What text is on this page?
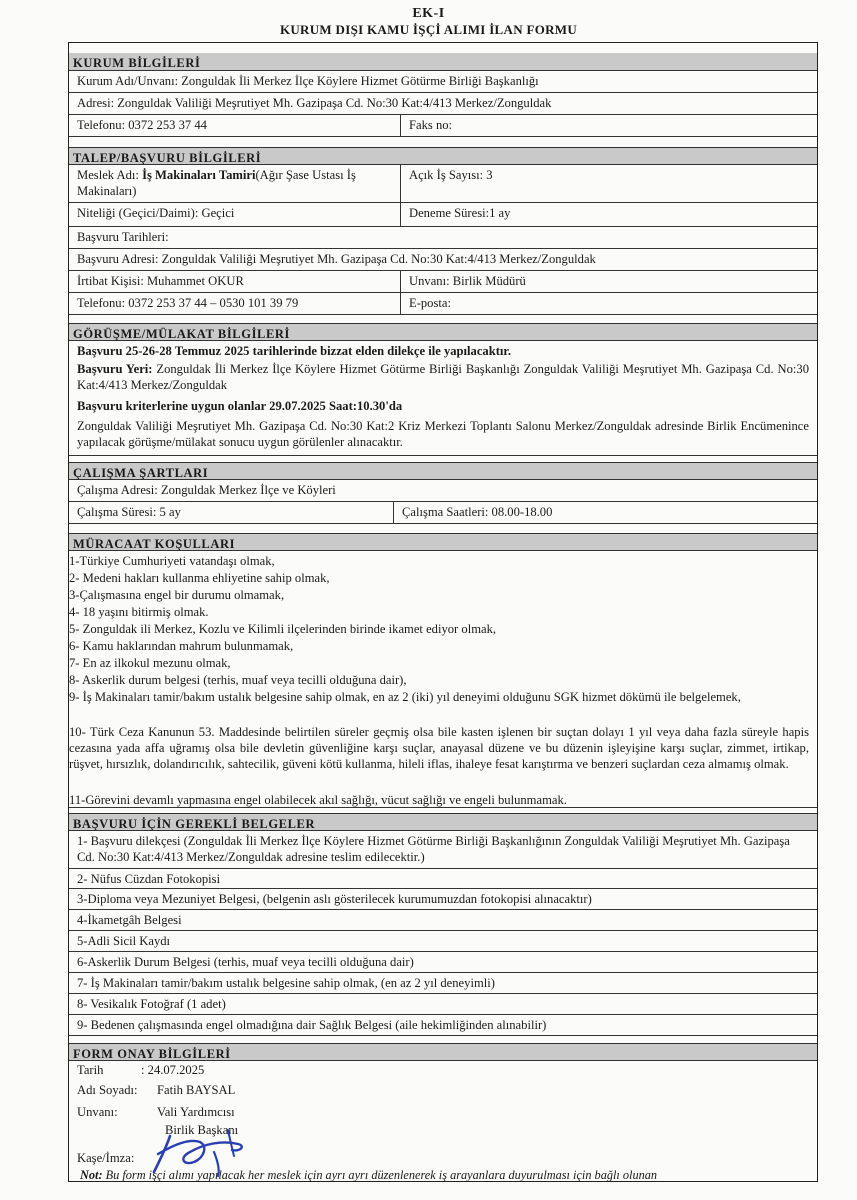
EK-I
KURUM DIŞI KAMU İŞÇİ ALIMI İLAN FORMU
KURUM BİLGİLERİ
Kurum Adı/Unvanı: Zonguldak İli Merkez İlçe Köylere Hizmet Götürme Birliği Başkanlığı
Adresi: Zonguldak Valiliği Meşrutiyet Mh. Gazipaşa Cd. No:30 Kat:4/413 Merkez/Zonguldak
Telefonu: 0372 253 37 44	Faks no:
TALEP/BAŞVURU BİLGİLERİ
Meslek Adı: İş Makinaları Tamiri(Ağır Şase Ustası İş Makinaları)
Açık İş Sayısı: 3
Niteliği (Geçici/Daimi): Geçici	Deneme Süresi:1 ay
Başvuru Tarihleri:
Başvuru Adresi: Zonguldak Valiliği Meşrutiyet Mh. Gazipaşa Cd. No:30 Kat:4/413 Merkez/Zonguldak
İrtibat Kişisi: Muhammet OKUR	Unvanı: Birlik Müdürü
Telefonu: 0372 253 37 44 – 0530 101 39 79	E-posta:
GÖRÜŞME/MÜLAKAT BİLGİLERİ
Başvuru 25-26-28 Temmuz 2025 tarihlerinde bizzat elden dilekçe ile yapılacaktır.
Başvuru Yeri: Zonguldak İli Merkez İlçe Köylere Hizmet Götürme Birliği Başkanlığı Zonguldak Valiliği Meşrutiyet Mh. Gazipaşa Cd. No:30 Kat:4/413 Merkez/Zonguldak
Başvuru kriterlerine uygun olanlar 29.07.2025 Saat:10.30'da
Zonguldak Valiliği Meşrutiyet Mh. Gazipaşa Cd. No:30 Kat:2 Kriz Merkezi Toplantı Salonu Merkez/Zonguldak adresinde Birlik Encümenince yapılacak görüşme/mülakat sonucu uygun görülenler alınacaktır.
ÇALIŞMA ŞARTLARI
Çalışma Adresi: Zonguldak Merkez İlçe ve Köyleri
Çalışma Süresi: 5 ay	Çalışma Saatleri: 08.00-18.00
MÜRACAAT KOŞULLARI
1-Türkiye Cumhuriyeti vatandaşı olmak,
2- Medeni hakları kullanma ehliyetine sahip olmak,
3-Çalışmasına engel bir durumu olmamak,
4- 18 yaşını bitirmiş olmak.
5- Zonguldak ili Merkez, Kozlu ve Kilimli ilçelerinden birinde ikamet ediyor olmak,
6- Kamu haklarından mahrum bulunmamak,
7- En az ilkokul mezunu olmak,
8- Askerlik durum belgesi (terhis, muaf veya tecilli olduğuna dair),
9- İş Makinaları tamir/bakım ustalık belgesine sahip olmak, en az 2 (iki) yıl deneyimi olduğunu SGK hizmet dökümü ile belgelemek,
10- Türk Ceza Kanunun 53. Maddesinde belirtilen süreler geçmiş olsa bile kasten işlenen bir suçtan dolayı 1 yıl veya daha fazla süreyle hapis cezasına yada affa uğramış olsa bile devletin güvenliğine karşı suçlar, anayasal düzene ve bu düzenin işleyişine karşı suçlar, zimmet, irtikap, rüşvet, hırsızlık, dolandırıcılık, sahtecilik, güveni kötü kullanma, hileli iflas, ihaleye fesat karıştırma ve benzeri suçlardan ceza almamış olmak.
11-Görevini devamlı yapmasına engel olabilecek akıl sağlığı, vücut sağlığı ve engeli bulunmamak.
BAŞVURU İÇİN GEREKLİ BELGELER
1- Başvuru dilekçesi (Zonguldak İli Merkez İlçe Köylere Hizmet Götürme Birliği Başkanlığının Zonguldak Valiliği Meşrutiyet Mh. Gazipaşa Cd. No:30 Kat:4/413 Merkez/Zonguldak adresine teslim edilecektir.)
2- Nüfus Cüzdan Fotokopisi
3-Diploma veya Mezuniyet Belgesi, (belgenin aslı gösterilecek kurumumuzdan fotokopisi alınacaktır)
4-İkametgâh Belgesi
5-Adli Sicil Kaydı
6-Askerlik Durum Belgesi (terhis, muaf veya tecilli olduğuna dair)
7- İş Makinaları tamir/bakım ustalık belgesine sahip olmak, (en az 2 yıl deneyimli)
8- Vesikalık Fotoğraf (1 adet)
9- Bedenen çalışmasında engel olmadığına dair Sağlık Belgesi (aile hekimliğinden alınabilir)
FORM ONAY BİLGİLERİ
Tarih	: 24.07.2025
Adı Soyadı: Fatih BAYSAL
Unvanı:	Vali Yardımcısı
Birlik Başkanı
Kaşe/İmza:
Not: Bu form işçi alımı yapılacak her meslek için ayrı ayrı düzenlenerek iş arayanlara duyurulması için bağlı olunan
